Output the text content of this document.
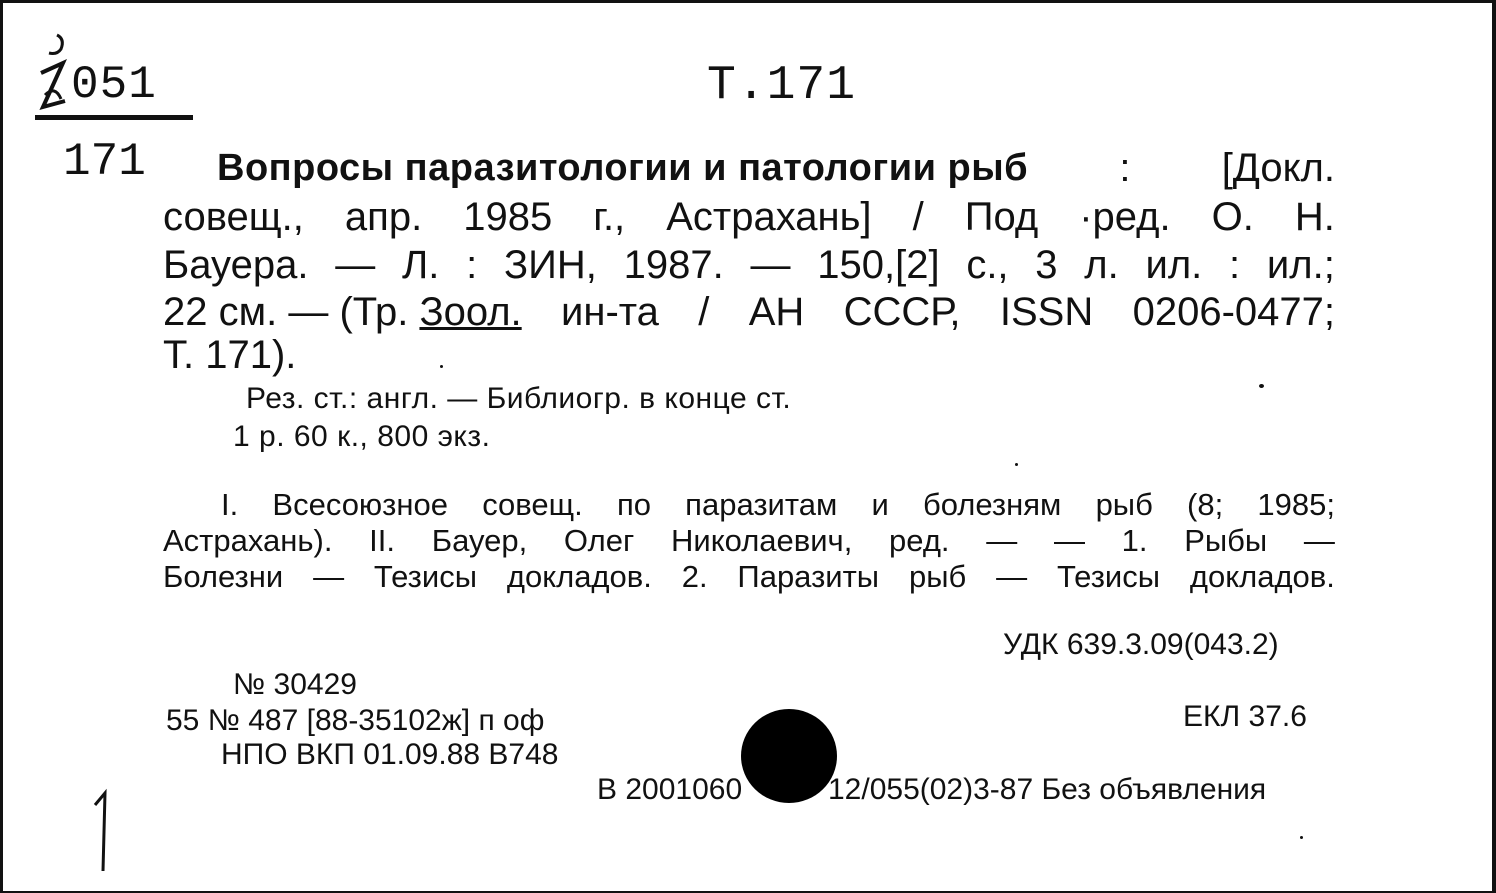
051	T.171
171 Вопросы паразитологии и патологии рыб : [Докл.
совещ., апр. 1985 г., Астрахань] / Под ·ред. О. Н.
Бауера. — Л. : ЗИН, 1987. — 150,[2] с., 3 л. ил. : ил.;
22 см. — (Тр. Зоол. ин-та / АН СССР, ISSN 0206-0477;
Т. 171).
Рез. ст.: англ. — Библиогр. в конце ст.
1 р. 60 к., 800 экз.
I. Всесоюзное совещ. по паразитам и болезням рыб (8; 1985;
Астрахань). II. Бауер, Олег Николаевич, ред. — — 1. Рыбы —
Болезни — Тезисы докладов. 2. Паразиты рыб — Тезисы докладов.
УДК 639.3.09(043.2)
№ 30429
55 № 487 [88-35102ж] п оф	ЕКЛ 37.6
НПО ВКП 01.09.88 В748
В 2001060	12/055(02)3-87 Без объявления
